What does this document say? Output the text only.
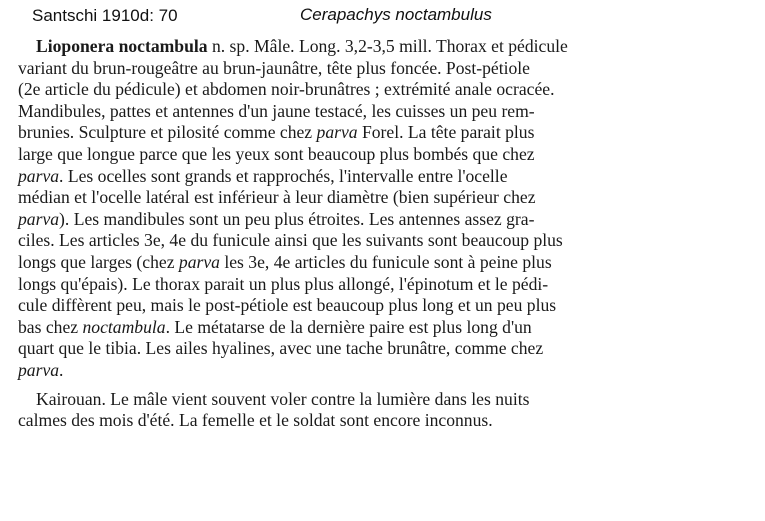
Santschi 1910d: 70	Cerapachys noctambulus
Lioponera noctambula n. sp. Mâle. Long. 3,2-3,5 mill. Thorax et pédicule
variant du brun-rougeâtre au brun-jaunâtre, tête plus foncée. Post-pétiole
(2e article du pédicule) et abdomen noir-brunâtres ; extrémité anale ocracée.
Mandibules, pattes et antennes d'un jaune testacé, les cuisses un peu rem-
brunies. Sculpture et pilosité comme chez parva Forel. La tête parait plus
large que longue parce que les yeux sont beaucoup plus bombés que chez
parva. Les ocelles sont grands et rapprochés, l'intervalle entre l'ocelle
médian et l'ocelle latéral est inférieur à leur diamètre (bien supérieur chez
parva). Les mandibules sont un peu plus étroites. Les antennes assez gra-
ciles. Les articles 3e, 4e du funicule ainsi que les suivants sont beaucoup plus
longs que larges (chez parva les 3e, 4e articles du funicule sont à peine plus
longs qu'épais). Le thorax parait un plus plus allongé, l'épinotum et le pédi-
cule diffèrent peu, mais le post-pétiole est beaucoup plus long et un peu plus
bas chez noctambula. Le métatarse de la dernière paire est plus long d'un
quart que le tibia. Les ailes hyalines, avec une tache brunâtre, comme chez
parva.
Kairouan. Le mâle vient souvent voler contre la lumière dans les nuits
calmes des mois d'été. La femelle et le soldat sont encore inconnus.
